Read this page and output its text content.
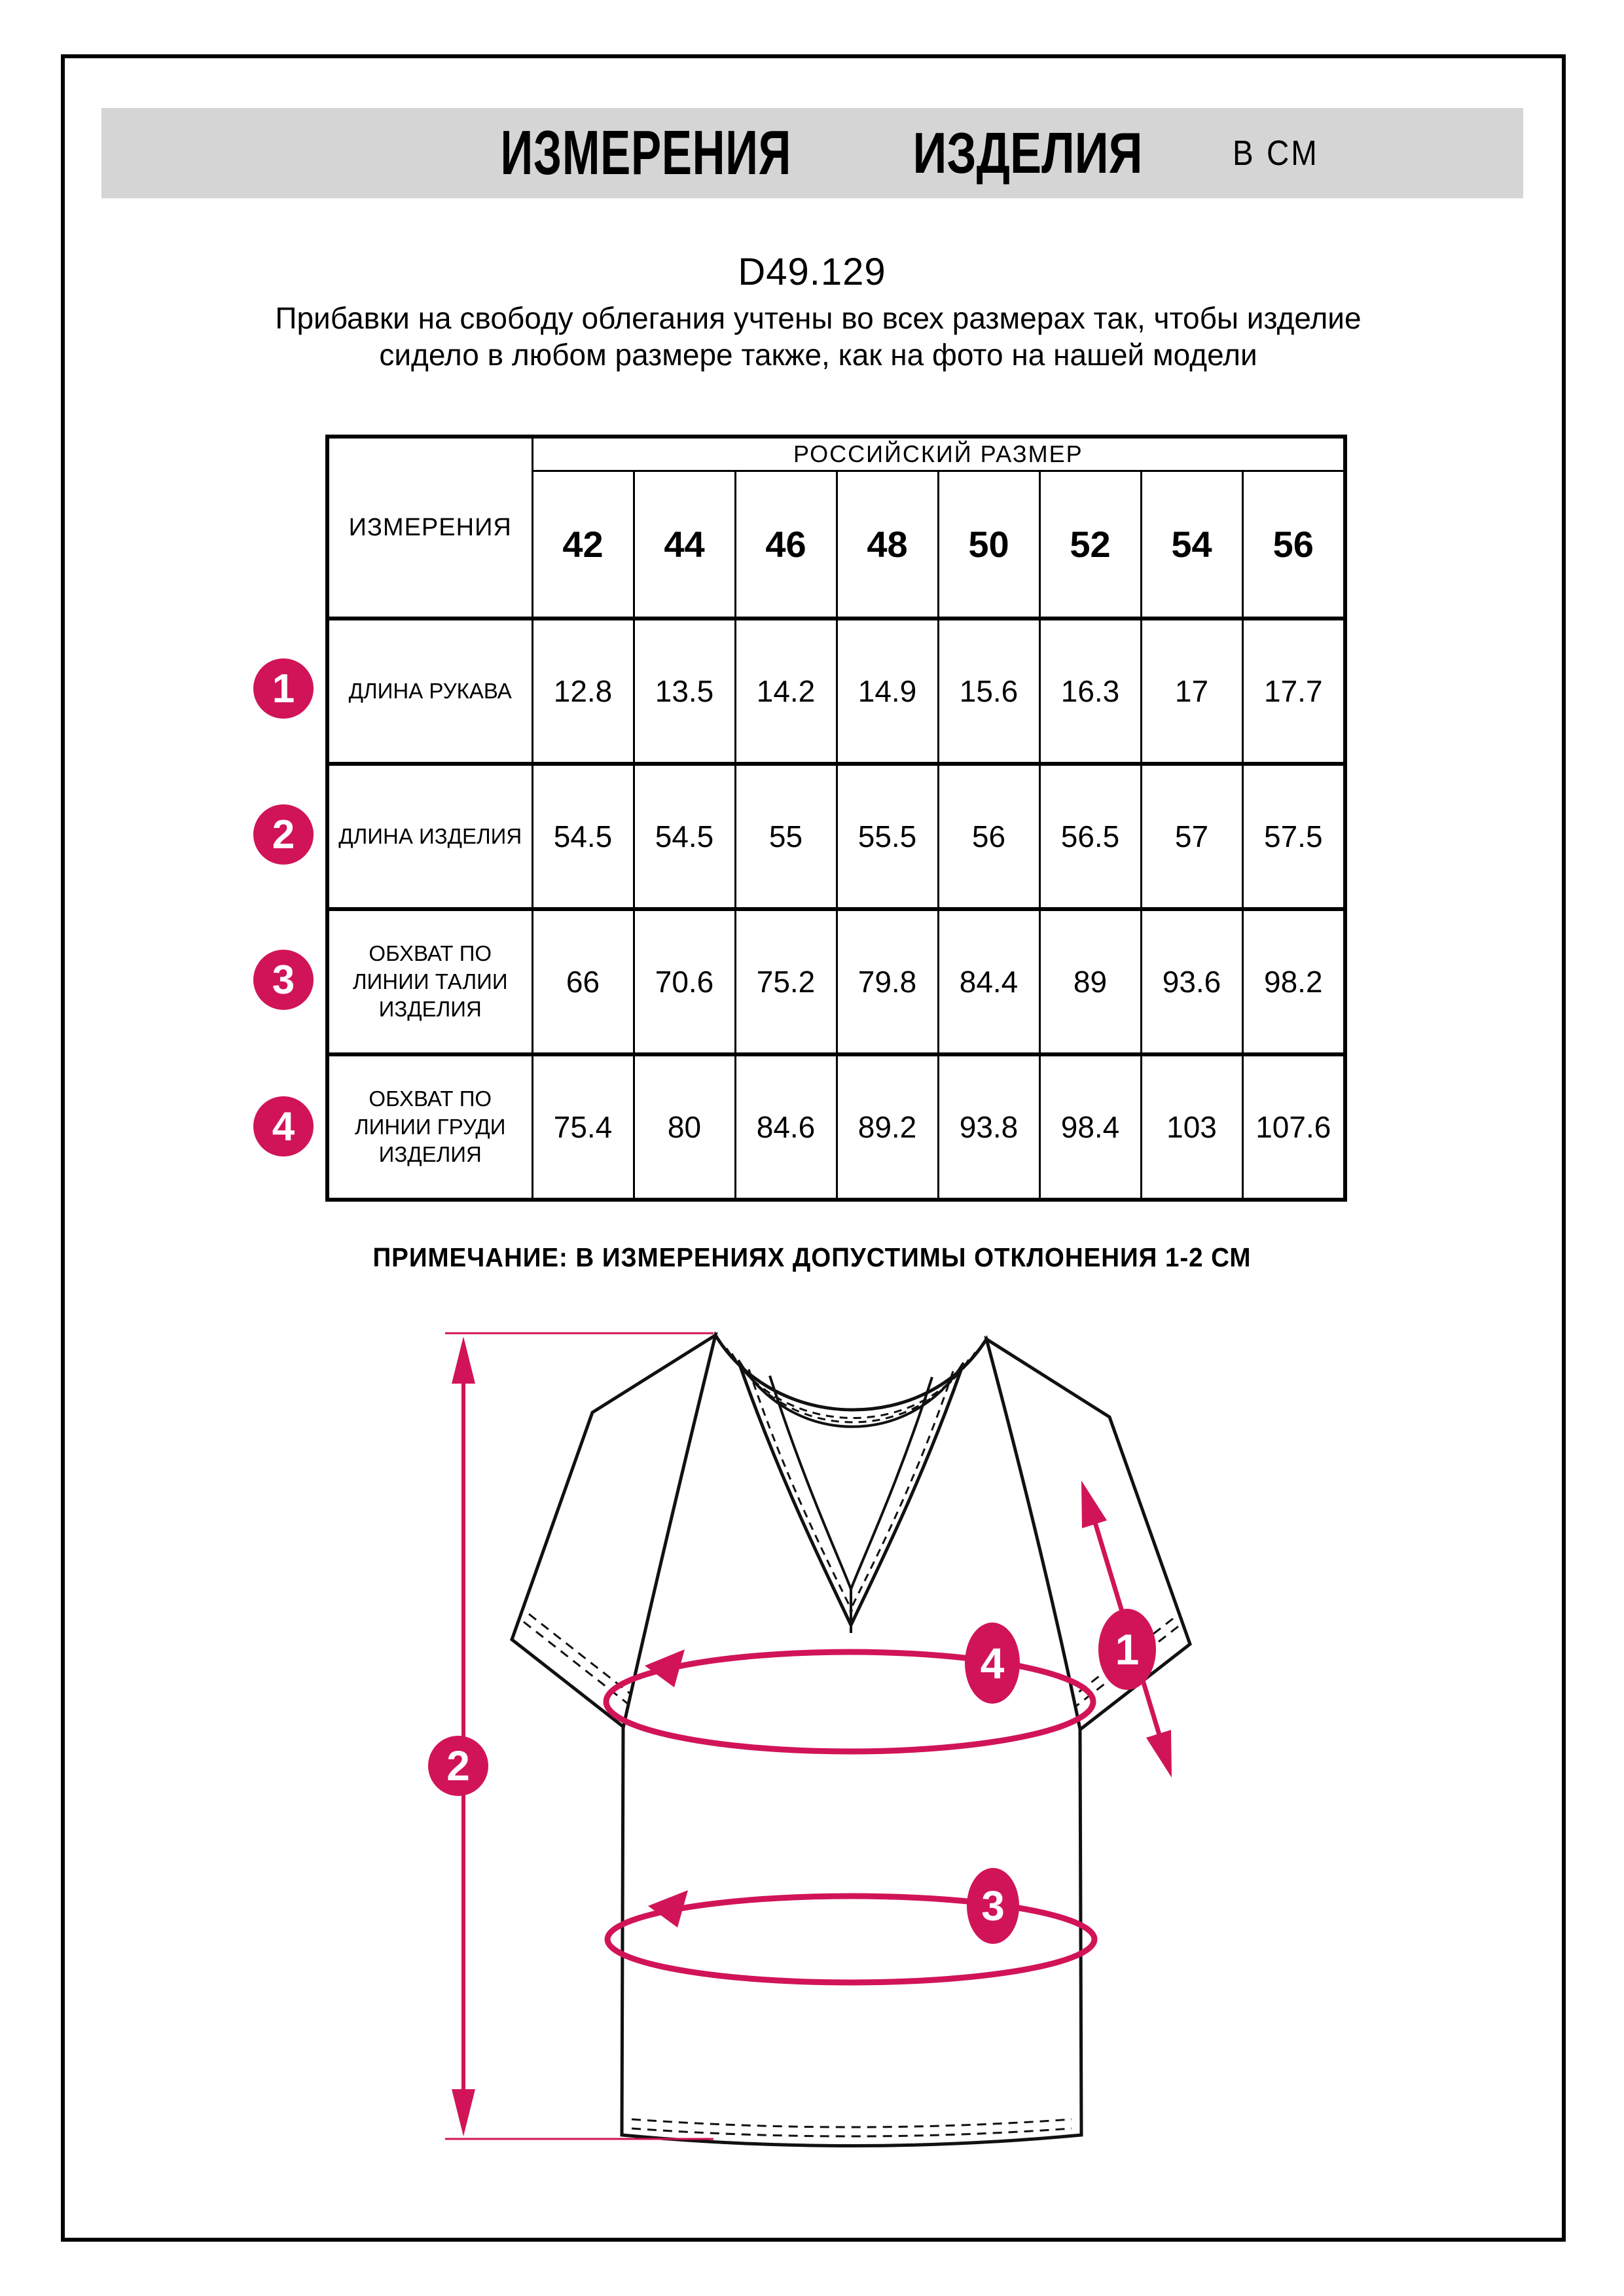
ИЗМЕРЕНИЯ ИЗДЕЛИЯ	В СМ
D49.129
Прибавки на свободу облегания учтены во всех размерах так, чтобы изделие сидело в любом размере также, как на фото на нашей модели
ИЗМЕРЕНИЯ	РОССИЙСКИЙ РАЗМЕР							
	42	44	46	48	50	52	54	56
ДЛИНА РУКАВА	12.8	13.5	14.2	14.9	15.6	16.3	17	17.7
ДЛИНА ИЗДЕЛИЯ	54.5	54.5	55	55.5	56	56.5	57	57.5
ОБХВАТ ПО ЛИНИИ ТАЛИИ ИЗДЕЛИЯ	66	70.6	75.2	79.8	84.4	89	93.6	98.2
ОБХВАТ ПО ЛИНИИ ГРУДИ ИЗДЕЛИЯ	75.4	80	84.6	89.2	93.8	98.4	103	107.6
1
2
3
4
ПРИМЕЧАНИЕ: В ИЗМЕРЕНИЯХ ДОПУСТИМЫ ОТКЛОНЕНИЯ 1-2 СМ
2
1
4
3
